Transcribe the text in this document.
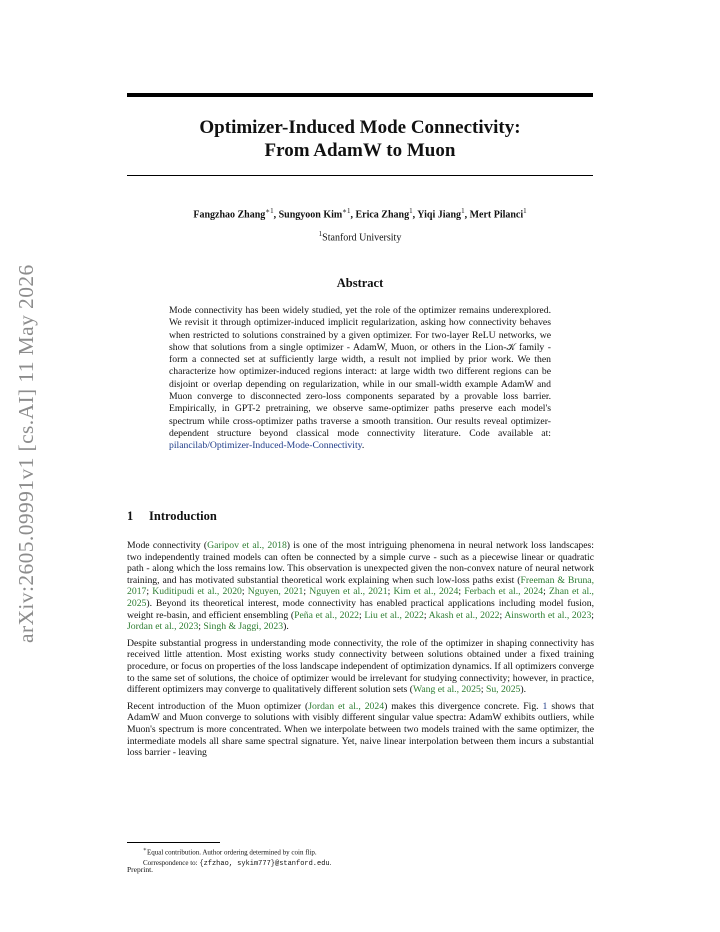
arXiv:2605.09991v1 [cs.AI] 11 May 2026
Optimizer-Induced Mode Connectivity:
From AdamW to Muon
Fangzhao Zhang$^{∗1}$, Sungyoon Kim$^{∗1}$, Erica Zhang$^1$, Yiqi Jiang$^1$, Mert Pilanci$^1$
$^1$Stanford University
Abstract
Mode connectivity has been widely studied, yet the role of the optimizer remains underexplored. We revisit it through optimizer-induced implicit regularization, asking how connectivity behaves when restricted to solutions constrained by a given optimizer. For two-layer ReLU networks, we show that solutions from a single optimizer - AdamW, Muon, or others in the Lion-𝒦 family - form a connected set at sufficiently large width, a result not implied by prior work. We then characterize how optimizer-induced regions interact: at large width two different regions can be disjoint or overlap depending on regularization, while in our small-width example AdamW and Muon converge to disconnected zero-loss components separated by a provable loss barrier. Empirically, in GPT-2 pretraining, we observe same-optimizer paths preserve each model's spectrum while cross-optimizer paths traverse a smooth transition. Our results reveal optimizer-dependent structure beyond classical mode connectivity literature. Code available at: pilancilab/Optimizer-Induced-Mode-Connectivity.
1 Introduction

Mode connectivity (Garipov et al., 2018) is one of the most intriguing phenomena in neural network loss landscapes: two independently trained models can often be connected by a simple curve - such as a piecewise linear or quadratic path - along which the loss remains low. This observation is unexpected given the non-convex nature of neural network training, and has motivated substantial theoretical work explaining when such low-loss paths exist (Freeman & Bruna, 2017; Kuditipudi et al., 2020; Nguyen, 2021; Nguyen et al., 2021; Kim et al., 2024; Ferbach et al., 2024; Zhan et al., 2025). Beyond its theoretical interest, mode connectivity has enabled practical applications including model fusion, weight re-basin, and efficient ensembling (Peña et al., 2022; Liu et al., 2022; Akash et al., 2022; Ainsworth et al., 2023; Jordan et al., 2023; Singh & Jaggi, 2023).

Despite substantial progress in understanding mode connectivity, the role of the optimizer in shaping connectivity has received little attention. Most existing works study connectivity between solutions obtained under a fixed training procedure, or focus on properties of the loss landscape independent of optimization dynamics. If all optimizers converge to the same set of solutions, the choice of optimizer would be irrelevant for studying connectivity; however, in practice, different optimizers may converge to qualitatively different solution sets (Wang et al., 2025; Su, 2025).

Recent introduction of the Muon optimizer (Jordan et al., 2024) makes this divergence concrete. Fig. 1 shows that AdamW and Muon converge to solutions with visibly different singular value spectra: AdamW exhibits outliers, while Muon's spectrum is more concentrated. When we interpolate between two models trained with the same optimizer, the intermediate models all share same spectral signature. Yet, naive linear interpolation between them incurs a substantial loss barrier - leaving

∗Equal contribution. Author ordering determined by coin flip.
Correspondence to: {zfzhao, sykim777}@stanford.edu.
Preprint.
